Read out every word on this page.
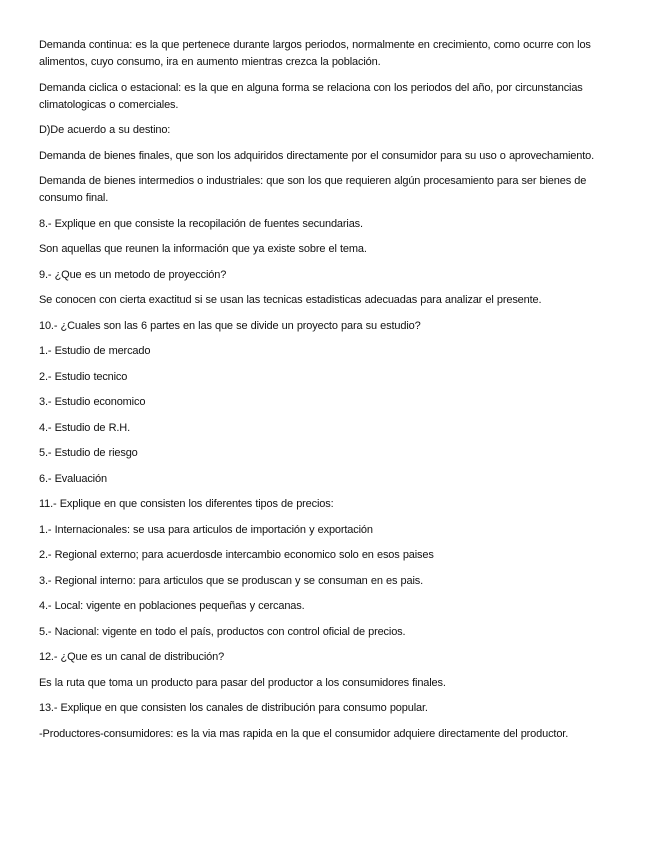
Demanda continua: es la que pertenece durante largos periodos, normalmente en crecimiento, como ocurre con los alimentos, cuyo consumo, ira en aumento mientras crezca la población.

Demanda ciclica o estacional: es la que en alguna forma se relaciona con los periodos del año, por circunstancias climatologicas o comerciales.

D)De acuerdo a su destino:

Demanda de bienes finales, que son los adquiridos directamente por el consumidor para su uso o aprovechamiento.

Demanda de bienes intermedios o industriales: que son los que requieren algún procesamiento para ser bienes de consumo final.

8.- Explique en que consiste la recopilación de fuentes secundarias.

Son aquellas que reunen la información que ya existe sobre el tema.

9.- ¿Que es un metodo de proyección?

Se conocen con cierta exactitud si se usan las tecnicas estadisticas adecuadas para analizar el presente.

10.- ¿Cuales son las 6 partes en las que se divide un proyecto para su estudio?

1.- Estudio de mercado

2.- Estudio tecnico

3.- Estudio economico

4.- Estudio de R.H.

5.- Estudio de riesgo

6.- Evaluación

11.- Explique en que consisten los diferentes tipos de precios:

1.- Internacionales: se usa para articulos de importación y exportación

2.- Regional externo; para acuerdosde intercambio economico solo en esos paises

3.- Regional interno: para articulos que se produscan y se consuman en es pais.

4.- Local: vigente en poblaciones pequeñas y cercanas.

5.- Nacional: vigente en todo el país, productos con control oficial de precios.

12.- ¿Que es un canal de distribución?

Es la ruta que toma un producto para pasar del productor a los consumidores finales.

13.- Explique en que consisten los canales de distribución para consumo popular.

-Productores-consumidores: es la via mas rapida en la que el consumidor adquiere directamente del productor.
